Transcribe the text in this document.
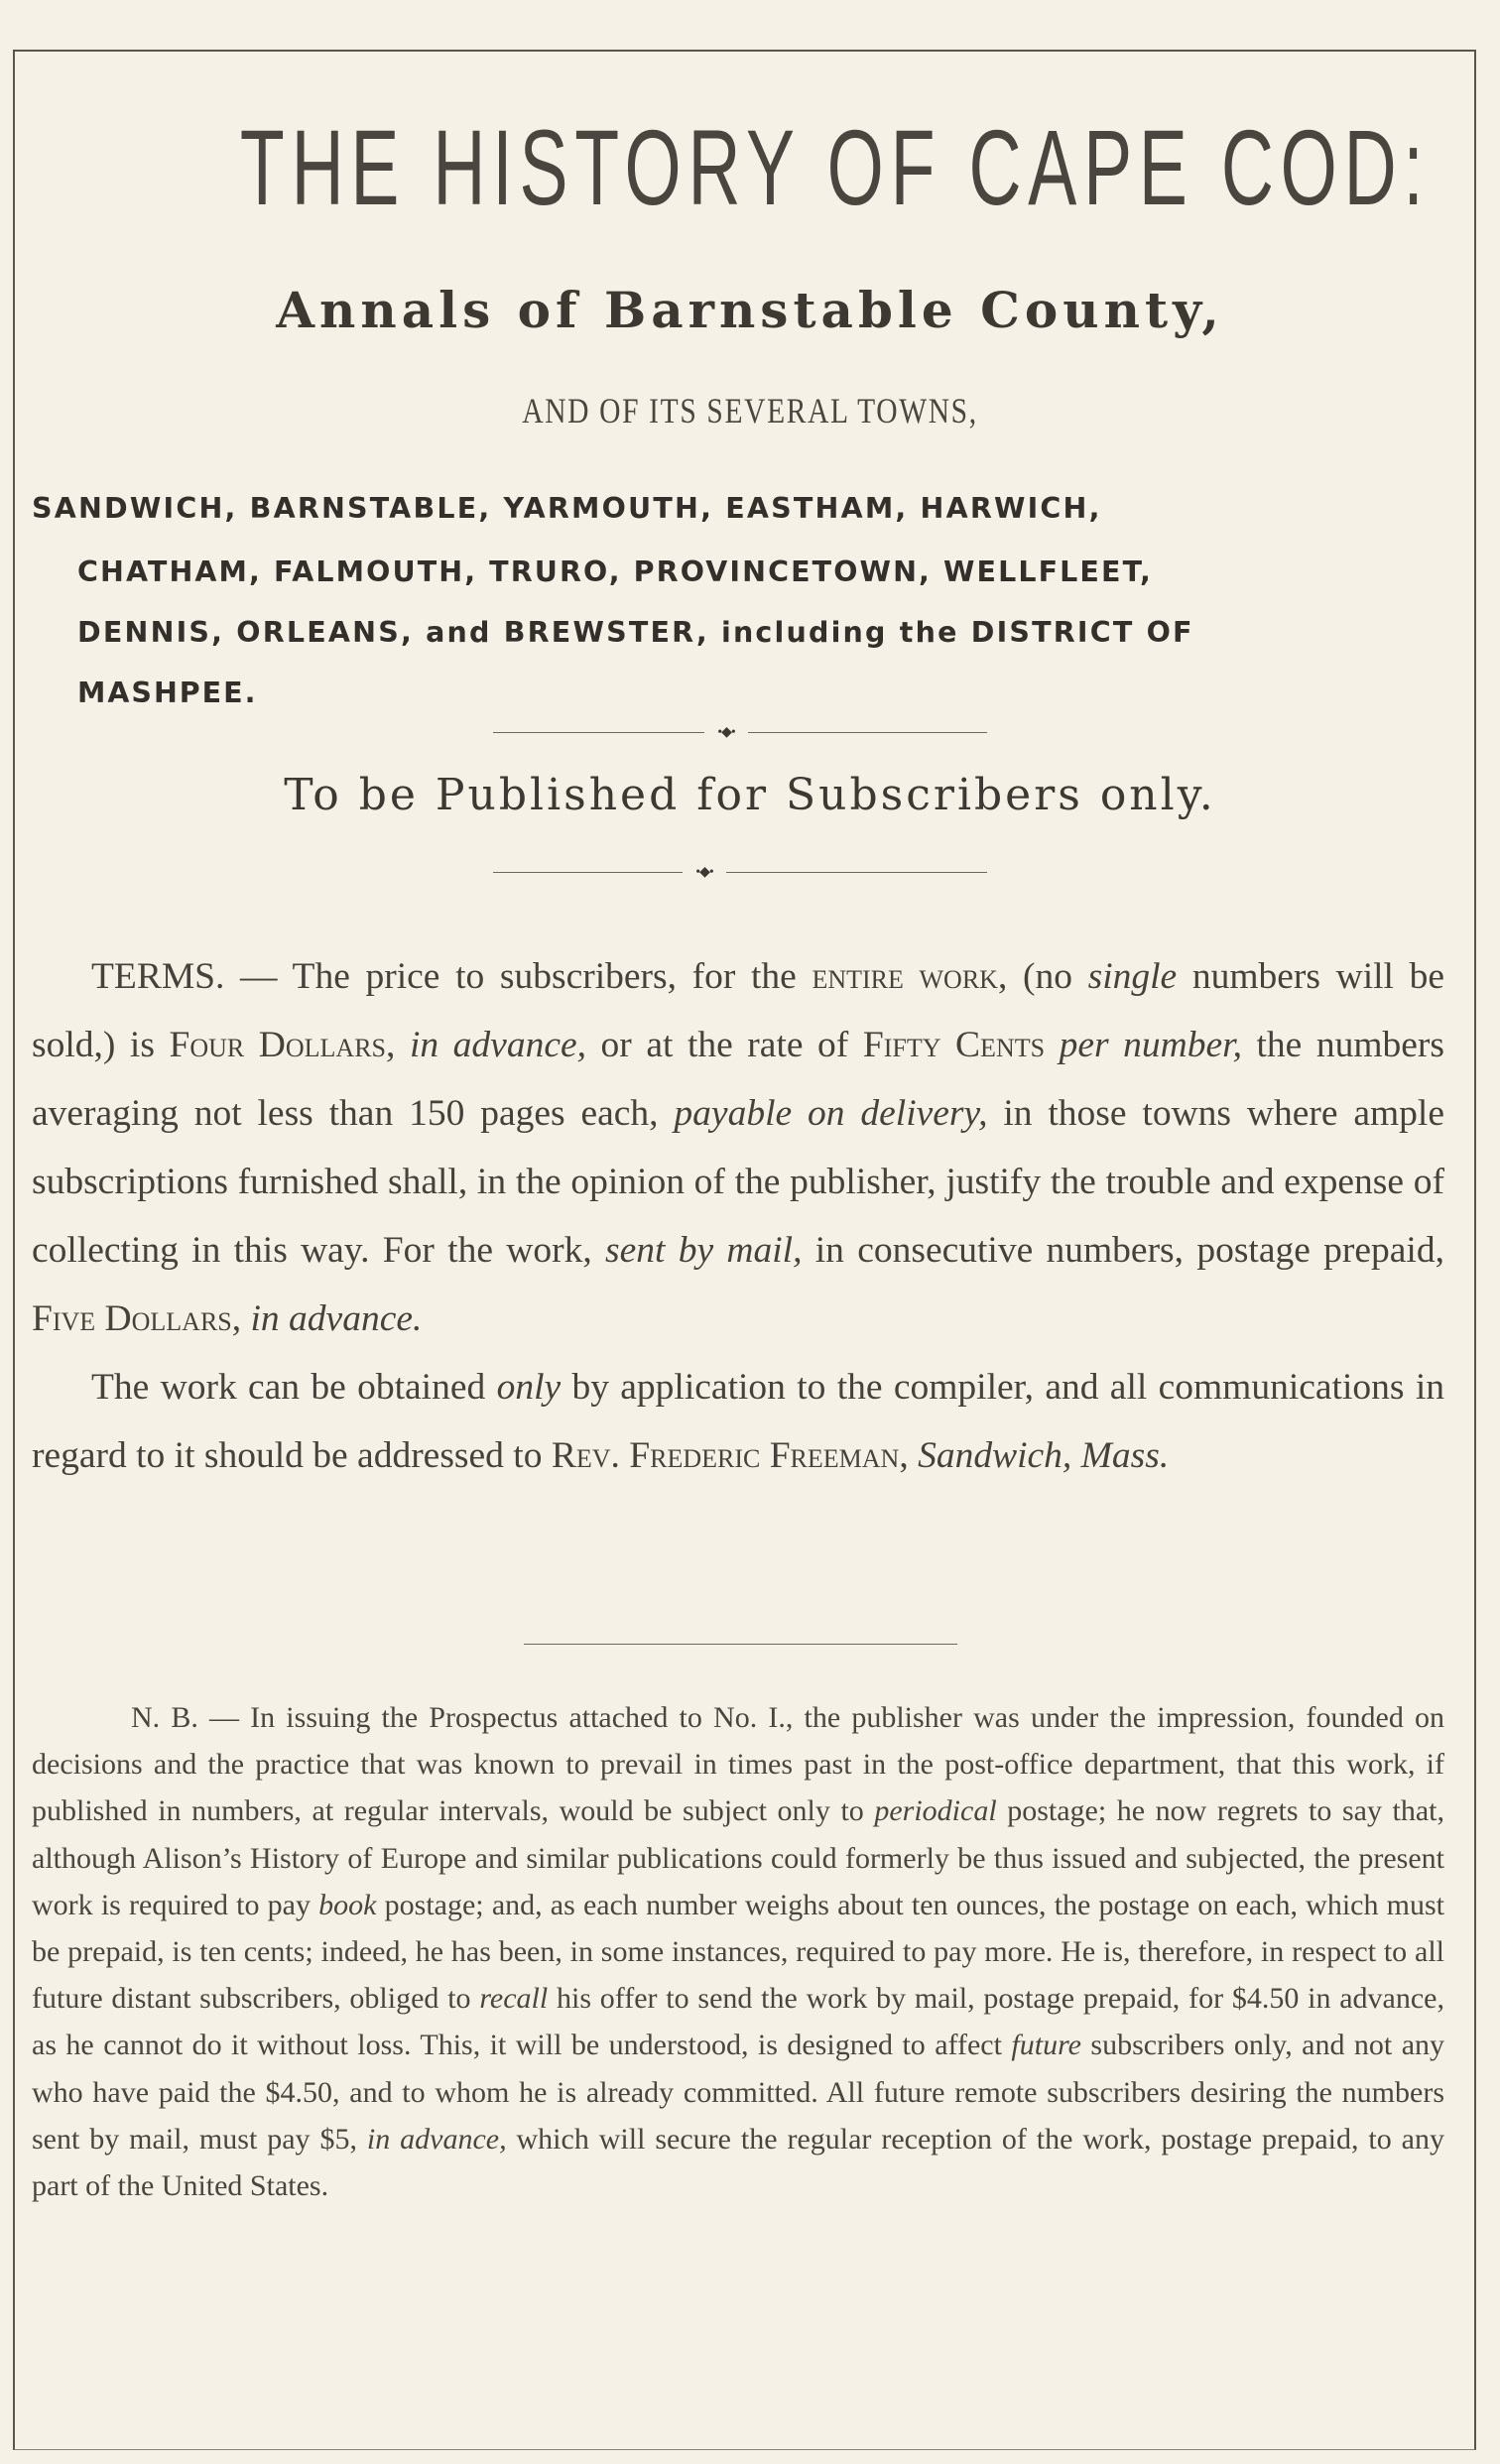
THE HISTORY OF CAPE COD:
Annals of Barnstable County,
AND OF ITS SEVERAL TOWNS,
SANDWICH, BARNSTABLE, YARMOUTH, EASTHAM, HARWICH,
CHATHAM, FALMOUTH, TRURO, PROVINCETOWN, WELLFLEET,
DENNIS, ORLEANS, and BREWSTER, including the DISTRICT OF
MASHPEE.
•◆•
To be Published for Subscribers only.
•◆•

TERMS. — The price to subscribers, for the entire work, (no single numbers will be sold,) is Four Dollars, in advance, or at the rate of Fifty Cents per number, the numbers averaging not less than 150 pages each, payable on delivery, in those towns where ample subscriptions furnished shall, in the opinion of the publisher, justify the trouble and expense of collecting in this way. For the work, sent by mail, in consecutive numbers, postage prepaid, Five Dollars, in advance.

The work can be obtained only by application to the compiler, and all communications in regard to it should be addressed to Rev. Frederic Freeman, Sandwich, Mass.

N. B. — In issuing the Prospectus attached to No. I., the publisher was under the impression, founded on decisions and the practice that was known to prevail in times past in the post-office department, that this work, if published in numbers, at regular intervals, would be subject only to periodical postage; he now regrets to say that, although Alison’s History of Europe and similar publications could formerly be thus issued and subjected, the present work is required to pay book postage; and, as each number weighs about ten ounces, the postage on each, which must be prepaid, is ten cents; indeed, he has been, in some instances, required to pay more. He is, therefore, in respect to all future distant subscribers, obliged to recall his offer to send the work by mail, postage prepaid, for $4.50 in advance, as he cannot do it without loss. This, it will be understood, is designed to affect future subscribers only, and not any who have paid the $4.50, and to whom he is already committed. All future remote subscribers desiring the numbers sent by mail, must pay $5, in advance, which will secure the regular reception of the work, postage prepaid, to any part of the United States.
